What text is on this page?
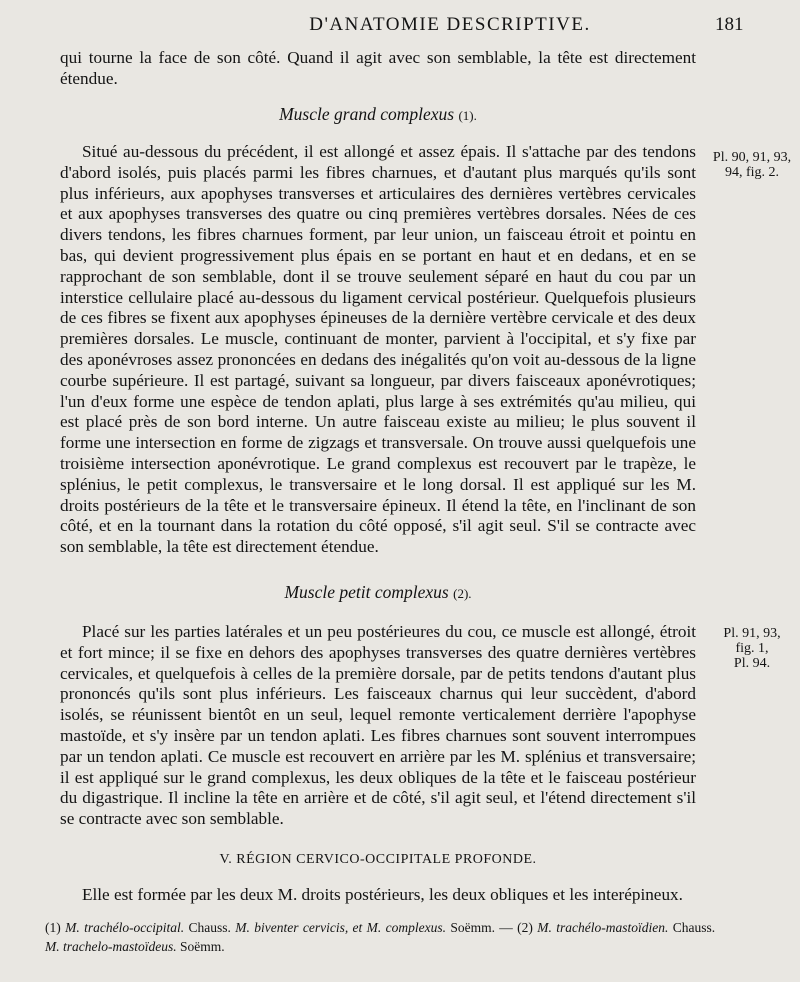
D'ANATOMIE DESCRIPTIVE.	181

qui tourne la face de son côté. Quand il agit avec son semblable, la tête est directement étendue.

Muscle grand complexus (1).

Pl. 90, 91, 93,
94, fig. 2.

Situé au-dessous du précédent, il est allongé et assez épais. Il s'attache par des tendons d'abord isolés, puis placés parmi les fibres charnues, et d'autant plus marqués qu'ils sont plus inférieurs, aux apophyses transverses et articulaires des dernières vertèbres cervicales et aux apophyses transverses des quatre ou cinq premières vertèbres dorsales. Nées de ces divers tendons, les fibres charnues forment, par leur union, un faisceau étroit et pointu en bas, qui devient progressivement plus épais en se portant en haut et en dedans, et en se rapprochant de son semblable, dont il se trouve seulement séparé en haut du cou par un interstice cellulaire placé au-dessous du ligament cervical postérieur. Quelquefois plusieurs de ces fibres se fixent aux apophyses épineuses de la dernière vertèbre cervicale et des deux premières dorsales. Le muscle, continuant de monter, parvient à l'occipital, et s'y fixe par des aponévroses assez prononcées en dedans des inégalités qu'on voit au-dessous de la ligne courbe supérieure. Il est partagé, suivant sa longueur, par divers faisceaux aponévrotiques; l'un d'eux forme une espèce de tendon aplati, plus large à ses extrémités qu'au milieu, qui est placé près de son bord interne. Un autre faisceau existe au milieu; le plus souvent il forme une intersection en forme de zigzags et transversale. On trouve aussi quelquefois une troisième intersection aponévrotique. Le grand complexus est recouvert par le trapèze, le splénius, le petit complexus, le transversaire et le long dorsal. Il est appliqué sur les M. droits postérieurs de la tête et le transversaire épineux. Il étend la tête, en l'inclinant de son côté, et en la tournant dans la rotation du côté opposé, s'il agit seul. S'il se contracte avec son semblable, la tête est directement étendue.

Muscle petit complexus (2).

Pl. 91, 93,
fig. 1,
Pl. 94.

Placé sur les parties latérales et un peu postérieures du cou, ce muscle est allongé, étroit et fort mince; il se fixe en dehors des apophyses transverses des quatre dernières vertèbres cervicales, et quelquefois à celles de la première dorsale, par de petits tendons d'autant plus prononcés qu'ils sont plus inférieurs. Les faisceaux charnus qui leur succèdent, d'abord isolés, se réunissent bientôt en un seul, lequel remonte verticalement derrière l'apophyse mastoïde, et s'y insère par un tendon aplati. Les fibres charnues sont souvent interrompues par un tendon aplati. Ce muscle est recouvert en arrière par les M. splénius et transversaire; il est appliqué sur le grand complexus, les deux obliques de la tête et le faisceau postérieur du digastrique. Il incline la tête en arrière et de côté, s'il agit seul, et l'étend directement s'il se contracte avec son semblable.

V. RÉGION CERVICO-OCCIPITALE PROFONDE.

Elle est formée par les deux M. droits postérieurs, les deux obliques et les interépineux.

(1) M. trachélo-occipital. Chauss. M. biventer cervicis, et M. complexus. Soëmm. — (2) M. trachélo-mastoïdien. Chauss. M. trachelo-mastoïdeus. Soëmm.
